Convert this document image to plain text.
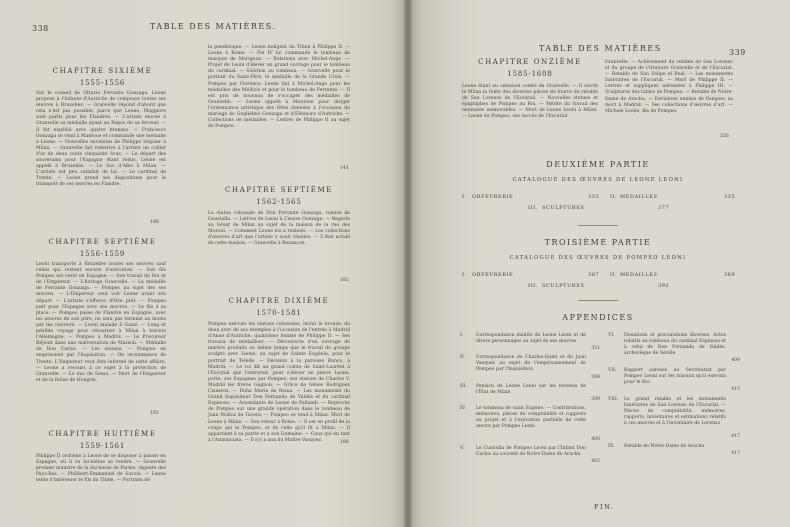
338	TABLE DES MATIÈRES.
CHAPITRE SIXIÈME
1555-1556

Sur le conseil de Ottavio Ferrante Gonzaga, Leone propose à l'Infante d'Autriche de composer toutes ses œuvres à Bruxelles. — Granvelle répond d'abord que cela n'est pas possible, parce que Leone, Maggiore sont partis pour les Flandres. — L'artiste envoie à Granvelle sa médaille ayant au Repos de sa ferveur. — Il fut expédié avec quatre bronzes. — Francesco Gonzaga se rend à Mantoue et commande une médaille à Leone. — Nouvelles enceintes de Philippe Séguier à Milan. — Granvelle fait remettre à l'artiste un collier d'or de deux cents cinquante écus. — Le départ des souverains pour l'Espagne étant remis, Leone est appelé à Bruxelles. — Le duc d'Albe à Milan. — L'artiste est peu satisfait de lui. — Le cardinal de Trente. — Leone prend ses dispositions pour le transport de ses œuvres en Flandre.

188
CHAPITRE SEPTIÈME
1556-1559

Leoni transporte à Bruxelles toutes ses œuvres sauf celles qui restent encore d'exécution. — Son fils Pompeo est resté en Espagne. — Son travail du Roi et de l'Empereur. — L'horloge Granvelle. — La médaille de Ferrante Gonzaga. — Pompeo au sujet des ses œuvres. — L'Empereur veut voir Leone avant son départ. — L'artiste s'efforce d'être prêt. — Pompeo part pour l'Espagne avec ses œuvres. — Le fils à sa place. — Pompeo passe de Flandre en Espagne, avec les œuvres de son père, ne sera pas terminé au moins par les ouvriers. — Leoni malade à Gand. — Long et pénible voyage pour retourner à Milan à travers l'Allemagne. — Pompeo à Madrid. — Le Procureur Réjouit dans une malversation de Mazzoli. — Médaille de Don Carlos. — Les statues. — Pompeo en emprisonné par l'Inquisition. — On recommence de Trente. L'Empereur veut être informé de cette affaire. — Leone a recours à ce sujet à la protection de Granvelle. — Le duc de Sessa. — Mort de l'Empereur et de la Reine de Hongrie.

192
CHAPITRE HUITIÈME
1559-1561

Philippe II ordonne à Leone de se disposer à passer en Espagne, où il va lui-même se rendre. — Granvelle premier ministre de la duchesse de Parme, régente des Pays-Bas. — Philibert-Emmanuel de Savoie. — Leone tente d'intéresser le fils du Titien. — Portraits de

la pendeloque. — Leone indigent du Titien à Philippe II. — Leone à Rome. — Pie IV lui commande le tombeau de marquis de Marignan. — Relations avec Michel-Ange. — Projet de Leoni d'élever un grand ouvrage pour le tombeau du cardinal. — Solution au tombeau. — Granvelle pour le portrait du Saint-Père, le médaille de la Grande Croix. — Pompeo par Florence. Leone fait à Michel-Ange pour les médailles des Médicis et pour le tombeau de Ferrante. — Il est pris de nouveau de s'occuper des médailles de Granvelle. — Leone appelé à Mantoue pour diriger l'ordonnance artistique des fêtes données à l'occasion du mariage de Guglielmo Gonzaga et d'Éléonore d'Autriche. — Collections de médailles. — Lettres de Philippe II au sujet de Pompeo.

141
CHAPITRE SEPTIÈME
1562-1565

La statue colossale de Don Ferrante Gonzaga, remise de Guastalla. — Lettres de Leoni à Cesare Gonzaga. — Regrets au Sénat de Milan au sujet de la maison de la rue des Moroni. — Comment Leone les a réalisés. — Les collections d'œuvres d'art que l'artiste y avait réunies. — L'état actuel de cette maison. — Granvelle à Besançon.

182
CHAPITRE DIXIÈME
1570-1581

Pompeo exécute les statues colossales, inclut le bronze, du deux avec de ses exemples à l'occasion de l'entrée à Madrid d'Anne d'Autriche, quatrième femme de Philippe II. — Ses travaux de médailleur. — Découverte d'un ouvrage de marbre produits en même temps que le travail du groupe sculpté avec Leone, au sujet de Sainte Eugénie, pour le portrait de Tolède. — Décision à la paroisse Bunco, à Madrid. — Le roi dit au grand comte de Saint-Laurent à l'Escorial que l'entrerait, pour s'élever en pierre Leone, porte, ses Espagnes par Pompeo, ses statues de Charles V. Madrid les frères Gagnon. — Grâce de Génes Rodríguez Cisneros. — Doña Maria de Reina. — Les monuments du Grand Inquisiteur Don Fernando de Valdés et du cardinal Espinosa. — Ascendants de Leone de Pallandi. — Reproche de Pompeo sur une grande opération dans le tombeau de Juan Muñoz de Tavera. — Pompeo se rend à Milan. Mort de Leone à Milan. — Son retour à Rome. — Il est en profil de la coupe qui le Pompeo, et de celle qu'il fit à Milan. — Il appartient à sa patrie et a son Domaine. — Ceux qui en tant à l'Annunciata. — Il n'y a aux du Maître Vasquez.	188
TABLE DES MATIÈRES	339
CHAPITRE ONZIÈME
1585-1608

Leone étant au omission comte de Granvelle. — Il ouvrit le Milan la fonte des diverses pièces du fourre du retable de San Lorenzo de l'Escurial. — Nouvelles statues et épigraphes de Pompeo au Roi. — Mérite du travail des monnaies mémorables. — Mort de Leone Leoni à Milan. — Leone du Pompeo, ses succès de l'Escurial

Granvelle. — Achèvement du retable de San Lorenzo et du groupe de l'Oratoire Granvelle et de l'Escurial. — Retablo de San Felipe el Real. — Les monuments funéraires de l'Escurial. — Mort de Philippe II. — Lettres et suppliques adressées à Philippe III. — Sculptures des tables de Pompeo. — Retable de Notre-Dame de Aracha. — Dernières années de Pompeo; sa mort à Madrid. — Ses collections d'œuvres d'art. — Michele Leone, fils de Pompeo.

326
DEUXIÈME PARTIE
CATALOGUE DES ŒUVRES DE LEONE LEONI
I. ORFÈVRERIE	333 II. MÉDAILLES	335
III. SCULPTURES	377
TROISIÈME PARTIE
CATALOGUE DES ŒUVRES DE POMPEO LEONI
I. ORFÈVRERIE	387 II. MÉDAILLES	389
III. SCULPTURES	392
APPENDICES
I.	Correspondance inédite de Leone Leoni et de divers personnages au sujet de ses œuvres
351
II. Correspondance de Charles-Quint et de Juan Vazquez au sujet de l'emprisonnement de Pompeo par l'Inquisition
396
III. Pension de Leone Leoni sur les revenus de l'État de Milan
399
IV. Le tombeau de saint Eugène. — Contributions, mémoires, pièces de comptabilité et rapports au projet et à l'exécution partielle de cette œuvre par Pompeo Leoni
400
V.	Le Custodia de Pompeo Leoni par l'Infant Don Carlos au couvent de Notre-Dame de Aracha
403
VI. Donations et procurations diverses. Actes relatifs au tombeau du cardinal Espinosa et à celui de Don Fernando de Valdés, archevêque de Séville
409
VII. Rapport adressé au Secrétariat par Pompeo Leoni sur les travaux qu'il exécuta pour le Roi
415
VIII. Le grand retable et les monuments funéraires de San Lorenzo de l'Escurial. — Pièces de comptabilité, mémoires, rapports, inventaires et estimations relatifs à ces œuvres et à l'inventaire de Lorenzo
417
IX. Retable de Notre-Dame de Aracha
417
FIN.
